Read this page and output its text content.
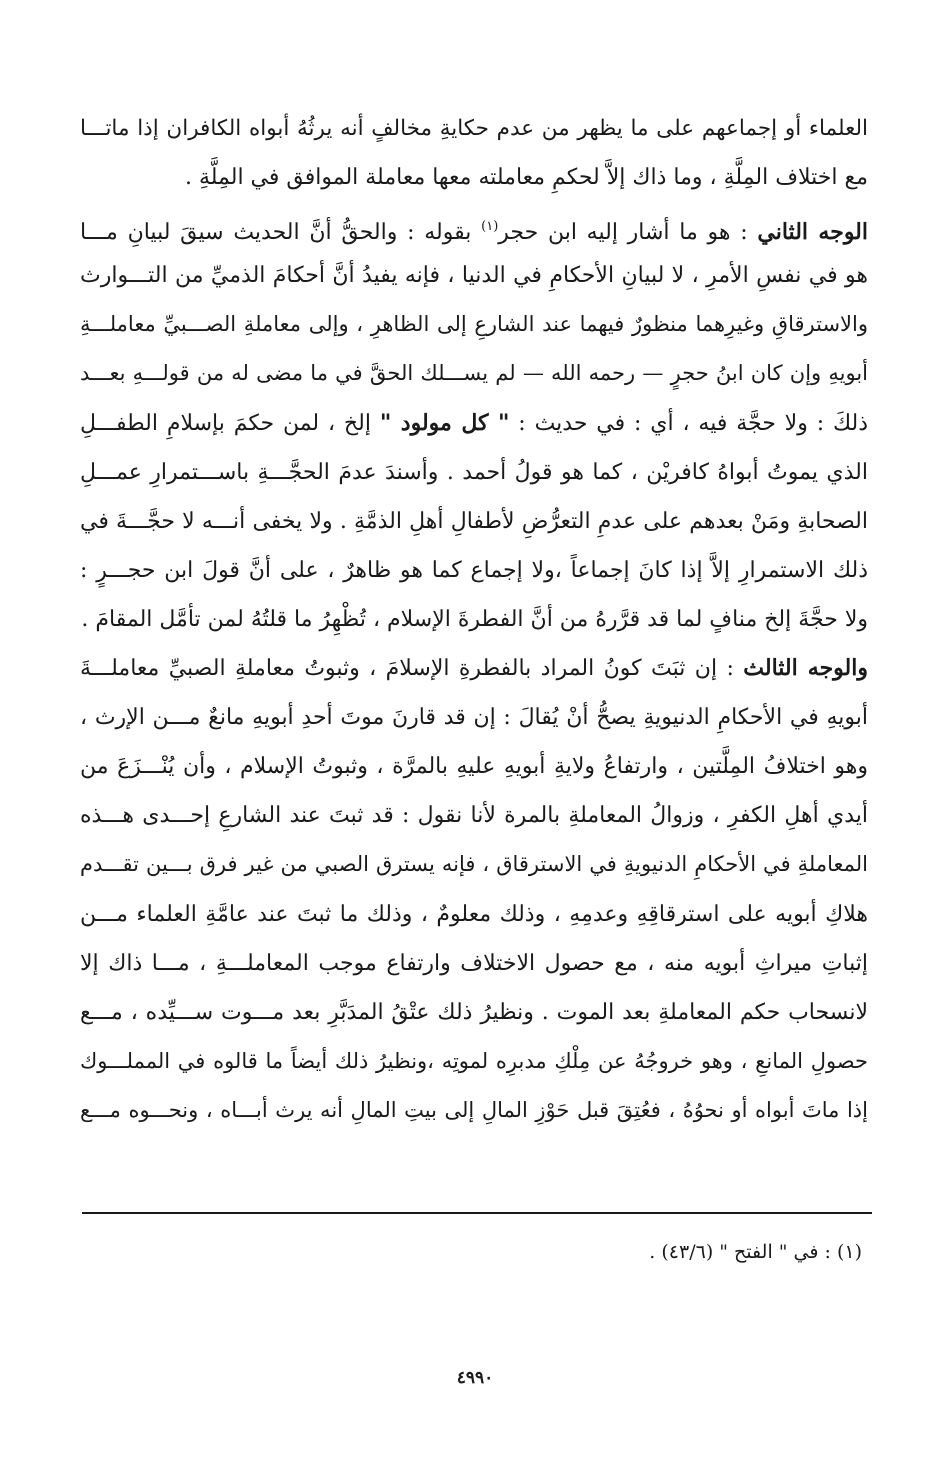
العلماء أو إجماعهم على ما يظهر من عدم حكايةِ مخالفٍ أنه يرثُهُ أبواه الكافران إذا ماتـــا
مع اختلاف المِلَّةِ ، وما ذاك إلاَّ لحكمِ معاملته معها معاملة الموافق في المِلَّةِ .
الوجه الثاني : هو ما أشار إليه ابن حجر$^{(١)}$ بقوله : والحقُّ أنَّ الحديث سيقَ لبيانِ مـــا
هو في نفسِ الأمرِ ، لا لبيانِ الأحكامِ في الدنيا ، فإنه يفيدُ أنَّ أحكامَ الذميِّ من التـــوارث
والاسترقاقِ وغيرِهما منظورٌ فيهما عند الشارعِ إلى الظاهرِ ، وإلى معاملةِ الصـــبيِّ معاملـــةِ
أبويهِ وإن كان ابنُ حجرٍ — رحمه الله — لم يســـلك الحقَّ في ما مضى له من قولـــهِ بعـــد
ذلكَ : ولا حجَّة فيه ، أي : في حديث : " كل مولود " إلخ ، لمن حكمَ بإسلامِ الطفـــلِ
الذي يموتُ أبواهُ كافريْن ، كما هو قولُ أحمد . وأسندَ عدمَ الحجَّـــةِ باســـتمرارِ عمـــلِ
الصحابةِ ومَنْ بعدهم على عدمِ التعرُّضِ لأطفالِ أهلِ الذمَّةِ . ولا يخفى أنـــه لا حجَّـــةَ في
ذلك الاستمرارِ إلاَّ إذا كانَ إجماعاً ،ولا إجماع كما هو ظاهرٌ ، على أنَّ قولَ ابن حجـــرٍ :
ولا حجَّةَ إلخ منافٍ لما قد قرَّرهُ من أنَّ الفطرةَ الإسلام ، تُظْهِرُ ما قلتُهُ لمن تأمَّل المقامَ .
والوجه الثالث : إن ثبَتَ كونُ المراد بالفطرةِ الإسلامَ ، وثبوتُ معاملةِ الصبيِّ معاملـــةَ
أبويهِ في الأحكامِ الدنيويةِ يصحُّ أنْ يُقالَ : إن قد قارنَ موتَ أحدِ أبويهِ مانعٌ مـــن الإرث ،
وهو اختلافُ المِلَّتين ، وارتفاعُ ولايةِ أبويهِ عليهِ بالمرَّة ، وثبوتُ الإسلام ، وأن يُنْـــزَعَ من
أيدي أهلِ الكفرِ ، وزوالُ المعاملةِ بالمرة لأنا نقول : قد ثبتَ عند الشارعِ إحـــدى هـــذه
المعاملةِ في الأحكامِ الدنيويةِ في الاسترقاق ، فإنه يسترق الصبي من غير فرق بـــين تقـــدم
هلاكِ أبويه على استرقاقِهِ وعدمِهِ ، وذلك معلومٌ ، وذلك ما ثبتَ عند عامَّةِ العلماء مـــن
إثباتِ ميراثِ أبويه منه ، مع حصول الاختلاف وارتفاع موجب المعاملـــةِ ، مـــا ذاك إلا
لانسحاب حكم المعاملةِ بعد الموت . ونظيرُ ذلك عتْقُ المدَبَّرِ بعد مـــوت ســـيِّده ، مـــع
حصولِ المانعِ ، وهو خروجُهُ عن مِلْكِ مدبرِه لموتِه ،ونظيرُ ذلك أيضاً ما قالوه في المملـــوك
إذا ماتَ أبواه أو نحوُهُ ، فعُتِقَ قبل حَوْزِ المالِ إلى بيتِ المالِ أنه يرث أبـــاه ، ونحـــوه مـــع
(١) : في " الفتح " (٤٣/٦) .
٤٩٩٠
